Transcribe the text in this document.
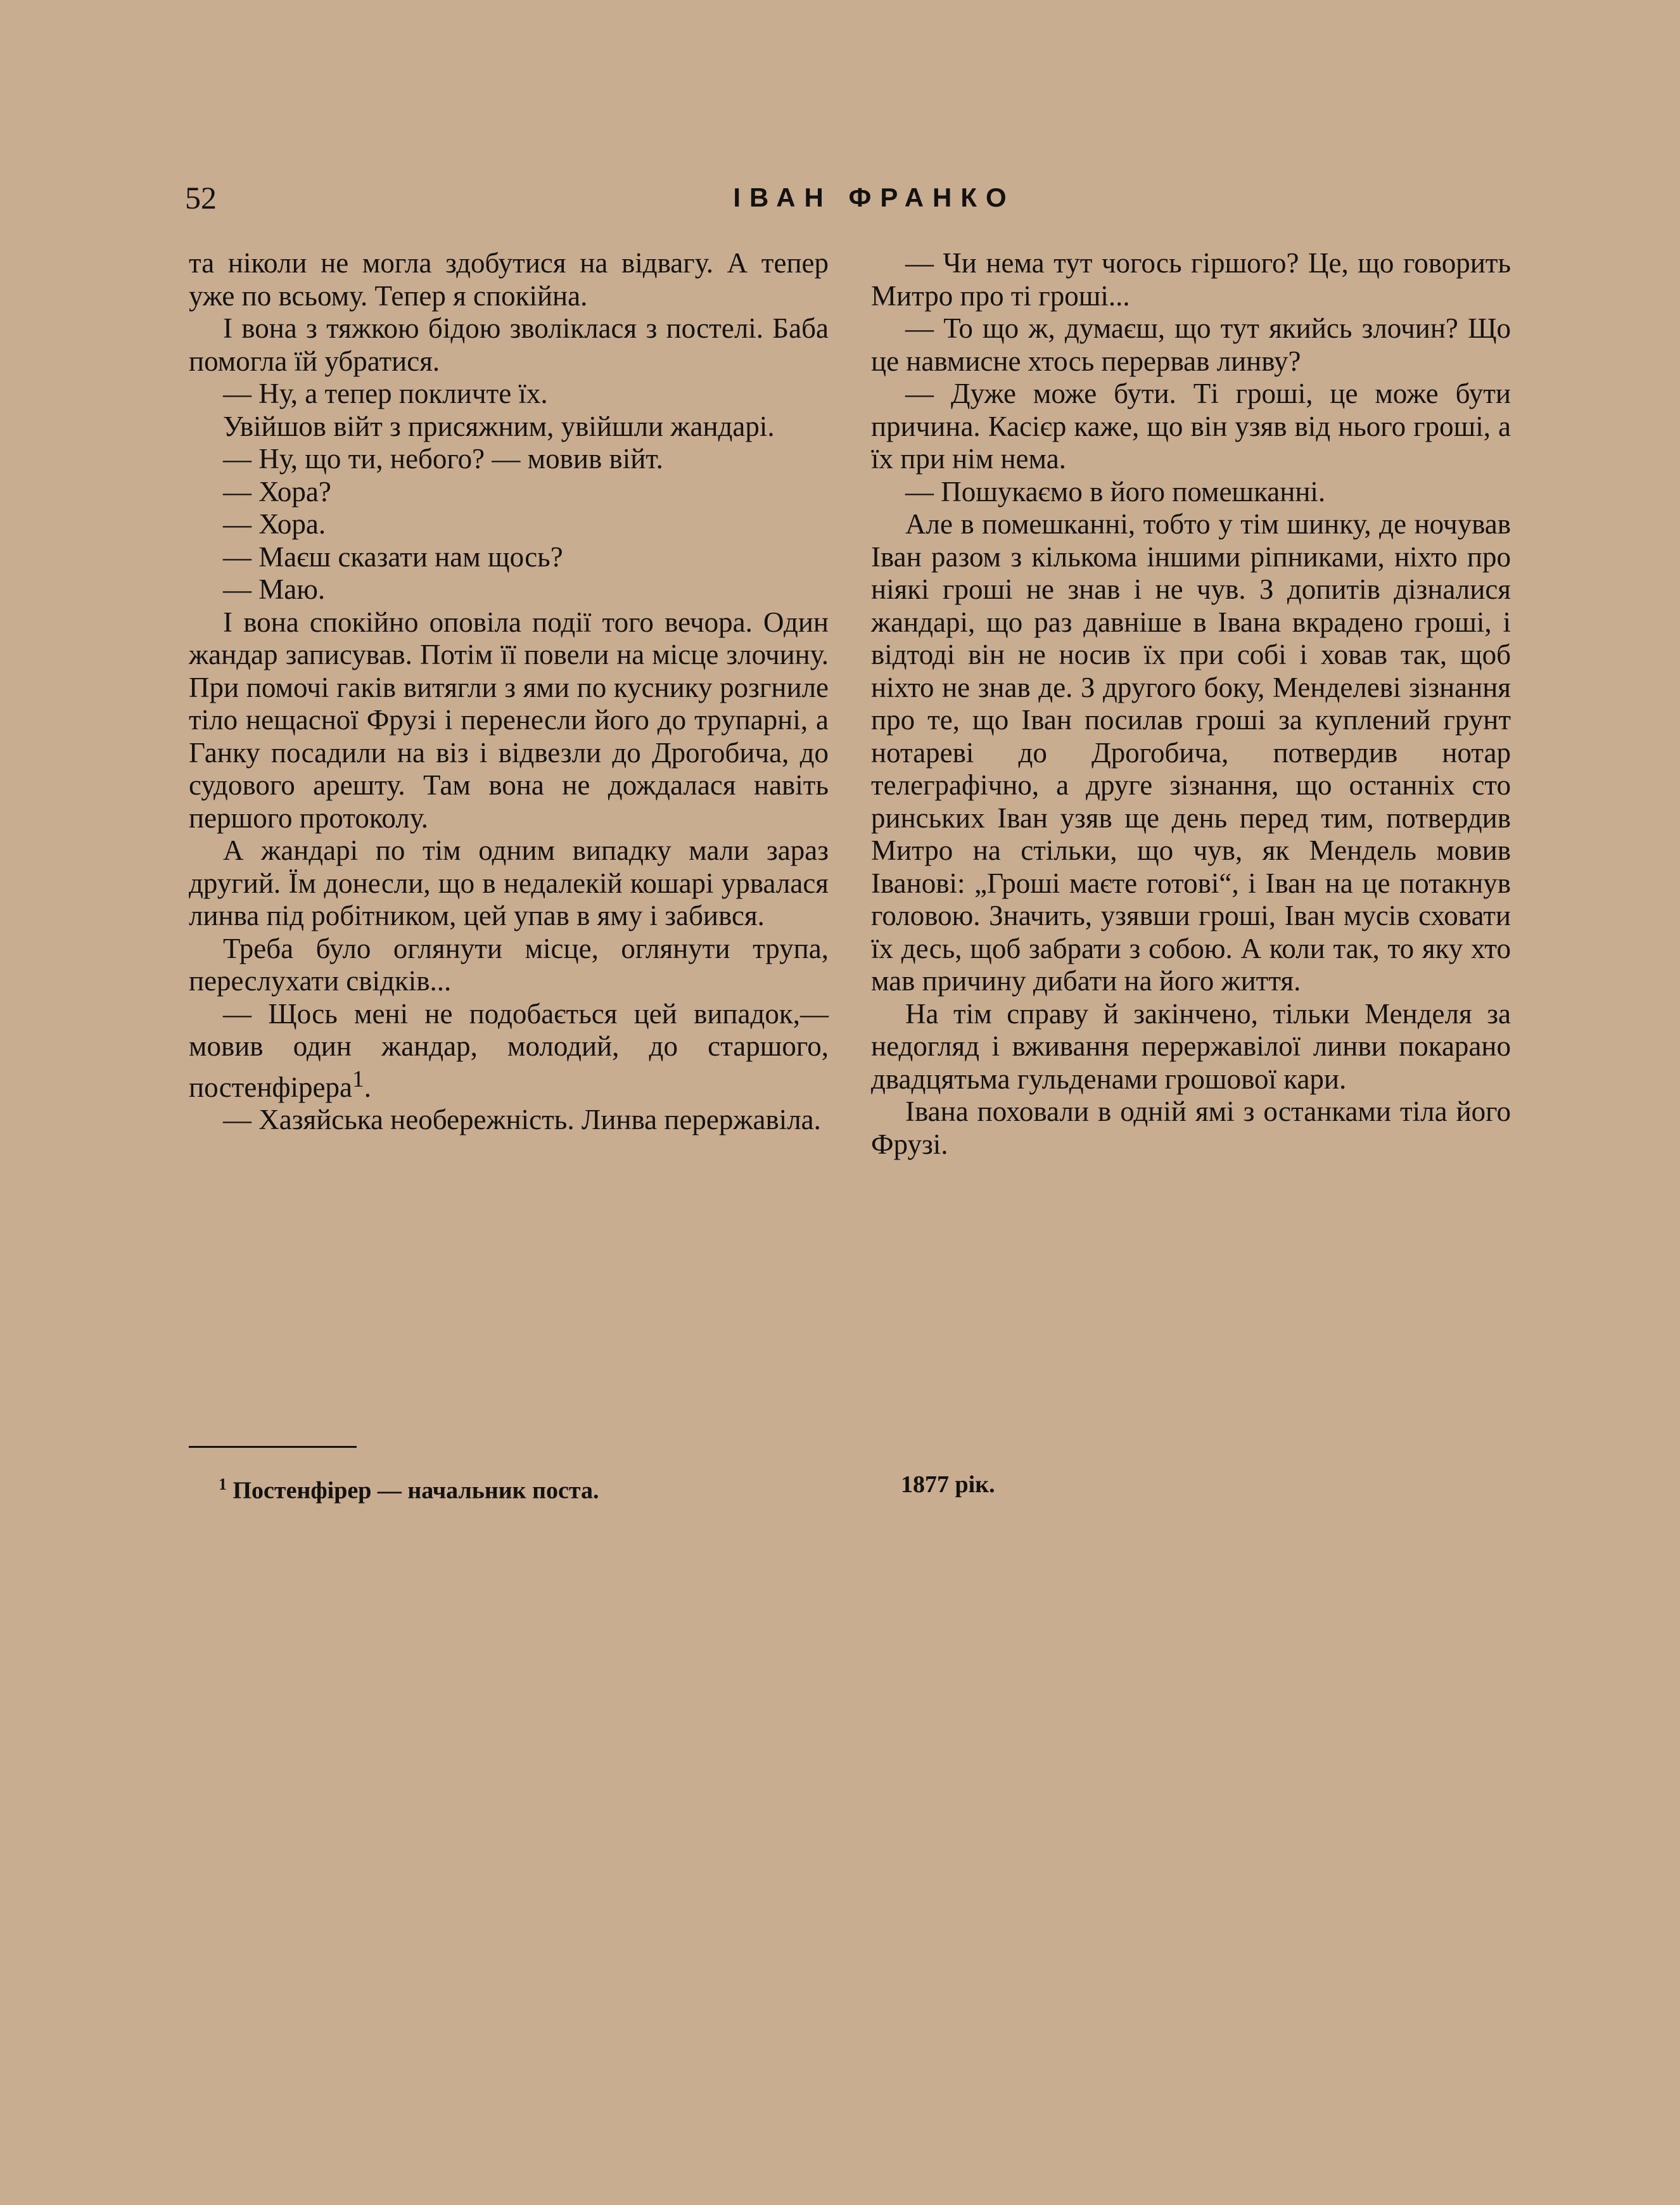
52	ІВАН ФРАНКО

та ніколи не могла здобутися на відвагу. А тепер уже по всьому. Тепер я спокійна.

І вона з тяжкою бідою зволіклася з постелі. Баба помогла їй убратися.

— Ну, а тепер покличте їх.

Увійшов війт з присяжним, увійшли жандарі.

— Ну, що ти, небого? — мовив війт.

— Хора?

— Хора.

— Маєш сказати нам щось?

— Маю.

І вона спокійно оповіла події того вечора. Один жандар записував. Потім її повели на місце злочину. При помочі гаків витягли з ями по куснику розгниле тіло нещасної Фрузі і перенесли його до трупарні, а Ганку посадили на віз і відвезли до Дрогобича, до судового арешту. Там вона не дождалася навіть першого протоколу.

А жандарі по тім одним випадку мали зараз другий. Їм донесли, що в недалекій кошарі урвалася линва під робітником, цей упав в яму і забився.

Треба було оглянути місце, оглянути трупа, переслухати свідків...

— Щось мені не подобається цей випадок,— мовив один жандар, молодий, до старшого, постенфірера$^1$.

— Хазяйська необережність. Линва перержавіла.

— Чи нема тут чогось гіршого? Це, що говорить Митро про ті гроші...

— То що ж, думаєш, що тут якийсь злочин? Що це навмисне хтось перервав линву?

— Дуже може бути. Ті гроші, це може бути причина. Касієр каже, що він узяв від нього гроші, а їх при нім нема.

— Пошукаємо в його помешканні.

Але в помешканні, тобто у тім шинку, де ночував Іван разом з кількома іншими ріпниками, ніхто про ніякі гроші не знав і не чув. З допитів дізналися жандарі, що раз давніше в Івана вкрадено гроші, і відтоді він не носив їх при собі і ховав так, щоб ніхто не знав де. З другого боку, Менделеві зізнання про те, що Іван посилав гроші за куплений грунт нотареві до Дрогобича, потвердив нотар телеграфічно, а друге зізнання, що останніх сто ринських Іван узяв ще день перед тим, потвердив Митро на стільки, що чув, як Мендель мовив Іванові: „Гроші маєте готові“, і Іван на це потакнув головою. Значить, узявши гроші, Іван мусів сховати їх десь, щоб забрати з собою. А коли так, то яку хто мав причину дибати на його життя.

На тім справу й закінчено, тільки Менделя за недогляд і вживання перержавілої линви покарано двадцятьма гульденами грошової кари.

Івана поховали в одній ямі з останками тіла його Фрузі.

$^1$ Постенфірер — начальник поста.	1877 рік.
